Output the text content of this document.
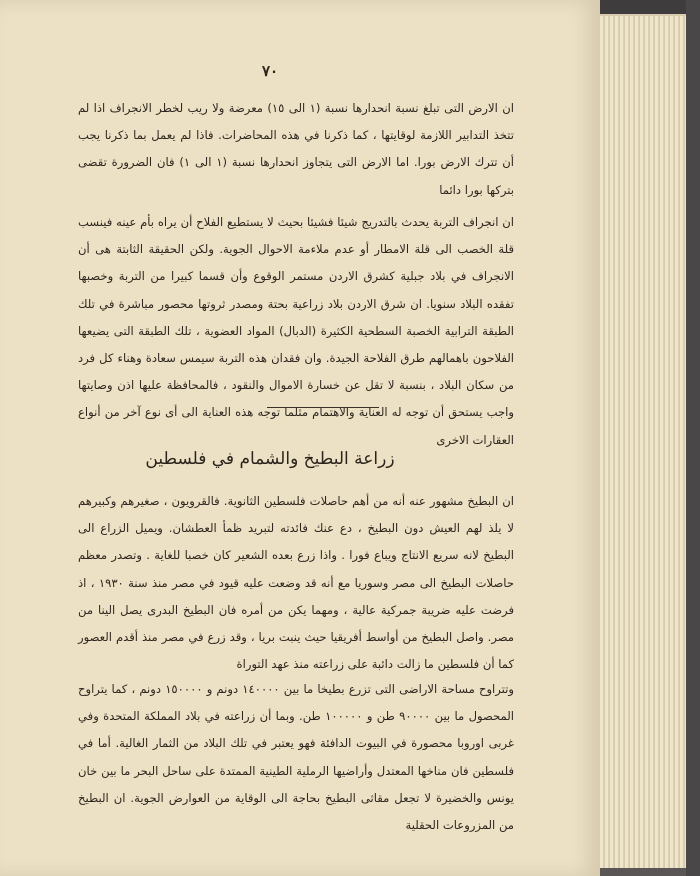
٧٠

ان الارض التى تبلغ نسبة انحدارها نسبة (١ الى ١٥) معرضة ولا ريب لخطر الانجراف اذا لم تتخذ التدابير اللازمة لوقايتها ، كما ذكرنا في هذه المحاضرات. فاذا لم يعمل بما ذكرنا يجب أن تترك الارض بورا. اما الارض التى يتجاوز انحدارها نسبة (١ الى ١) فان الضرورة تقضى بتركها بورا دائما

ان انجراف التربة يحدث بالتدريج شيئا فشيئا بحيث لا يستطيع الفلاح أن يراه بأم عينه فينسب قلة الخصب الى قلة الامطار أو عدم ملاءمة الاحوال الجوية. ولكن الحقيقة الثابتة هى أن الانجراف في بلاد جبلية كشرق الاردن مستمر الوقوع وأن قسما كبيرا من التربة وخصبها تفقده البلاد سنويا. ان شرق الاردن بلاد زراعية بحتة ومصدر ثروتها محصور مباشرة في تلك الطبقة الترابية الخصبة السطحية الكثيرة (الدبال) المواد العضوية ، تلك الطبقة التى يضيعها الفلاحون باهمالهم طرق الفلاحة الجيدة. وان فقدان هذه التربة سيمس سعادة وهناء كل فرد من سكان البلاد ، بنسبة لا تقل عن خسارة الاموال والنقود ، فالمحافظة عليها اذن وصايتها واجب يستحق أن توجه له العناية والاهتمام مثلما توجه هذه العناية الى أى نوع آخر من أنواع العقارات الاخرى

زراعة البطيخ والشمام في فلسطين

ان البطيخ مشهور عنه أنه من أهم حاصلات فلسطين الثانوية. فالقرويون ، صغيرهم وكبيرهم لا يلذ لهم العيش دون البطيخ ، دع عنك فائدته لتبريد ظمأ العطشان. ويميل الزراع الى البطيخ لانه سريع الانتاج ويباع فورا . واذا زرع بعده الشعير كان خصبا للغاية . وتصدر معظم حاصلات البطيخ الى مصر وسوريا مع أنه قد وضعت عليه قيود في مصر منذ سنة ١٩٣٠ ، اذ فرضت عليه ضريبة جمركية عالية ، ومهما يكن من أمره فان البطيخ البدرى يصل الينا من مصر. واصل البطيخ من أواسط أفريقيا حيث ينبت بريا ، وقد زرع في مصر منذ أقدم العصور كما أن فلسطين ما زالت دائبة على زراعته منذ عهد التوراة

وتتراوح مساحة الاراضى التى تزرع بطيخا ما بين ١٤٠٠٠٠ دونم و ١٥٠٠٠٠ دونم ، كما يتراوح المحصول ما بين ٩٠٠٠٠ طن و ١٠٠٠٠٠ طن. وبما أن زراعته في بلاد المملكة المتحدة وفي غربى اوروبا محصورة في البيوت الدافئة فهو يعتبر في تلك البلاد من الثمار الغالية. أما في فلسطين فان مناخها المعتدل وأراضيها الرملية الطينية الممتدة على ساحل البحر ما بين خان يونس والخضيرة لا تجعل مقاثى البطيخ بحاجة الى الوقاية من العوارض الجوية. ان البطيخ من المزروعات الحقلية
